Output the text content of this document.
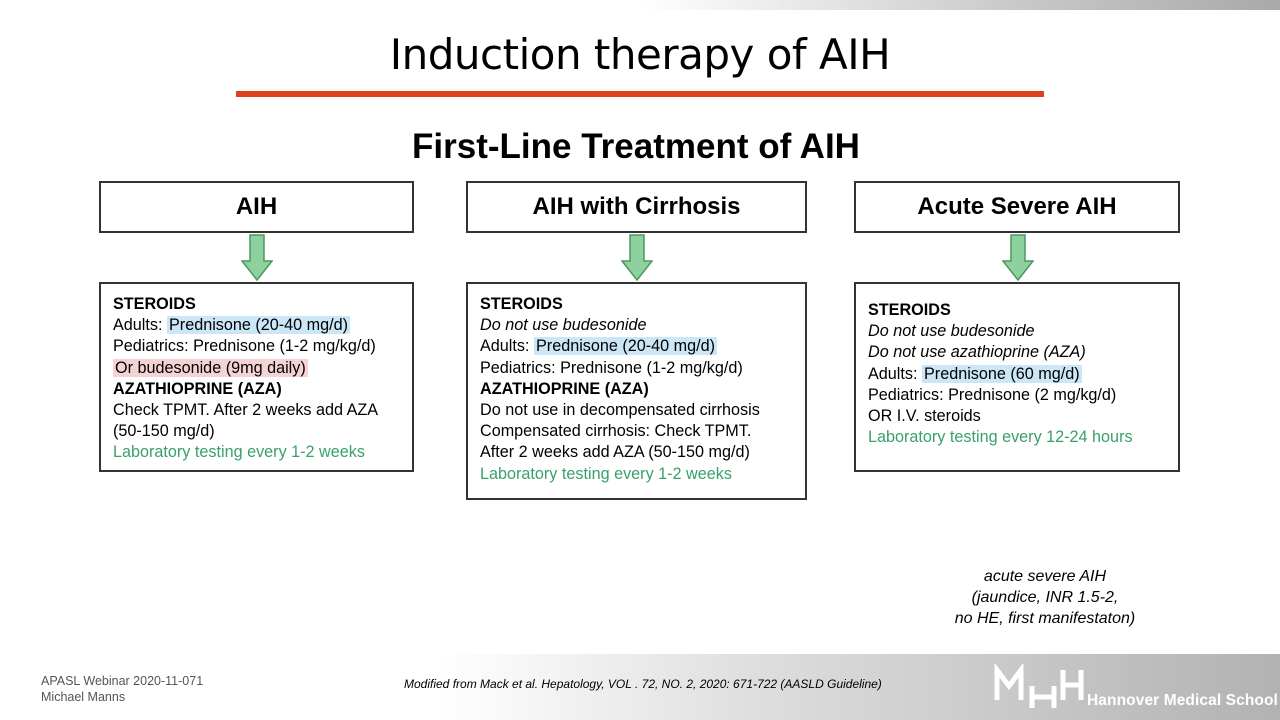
Induction therapy of AIH
First-Line Treatment of AIH
AIH
STEROIDS
Adults: Prednisone (20-40 mg/d)
Pediatrics: Prednisone (1-2 mg/kg/d)
Or budesonide (9mg daily)
AZATHIOPRINE (AZA)
Check TPMT. After 2 weeks add AZA
(50-150 mg/d)
Laboratory testing every 1-2 weeks
AIH with Cirrhosis
STEROIDS
Do not use budesonide
Adults: Prednisone (20-40 mg/d)
Pediatrics: Prednisone (1-2 mg/kg/d)
AZATHIOPRINE (AZA)
Do not use in decompensated cirrhosis
Compensated cirrhosis: Check TPMT.
After 2 weeks add AZA (50-150 mg/d)
Laboratory testing every 1-2 weeks
Acute Severe AIH
STEROIDS
Do not use budesonide
Do not use azathioprine (AZA)
Adults: Prednisone (60 mg/d)
Pediatrics: Prednisone (2 mg/kg/d)
OR I.V. steroids
Laboratory testing every 12-24 hours
acute severe AIH
(jaundice, INR 1.5-2,
no HE, first manifestaton)
APASL Webinar 2020-11-071
Michael Manns
Modified from Mack et al. Hepatology, VOL . 72, NO. 2, 2020: 671-722 (AASLD Guideline)
Hannover Medical School
